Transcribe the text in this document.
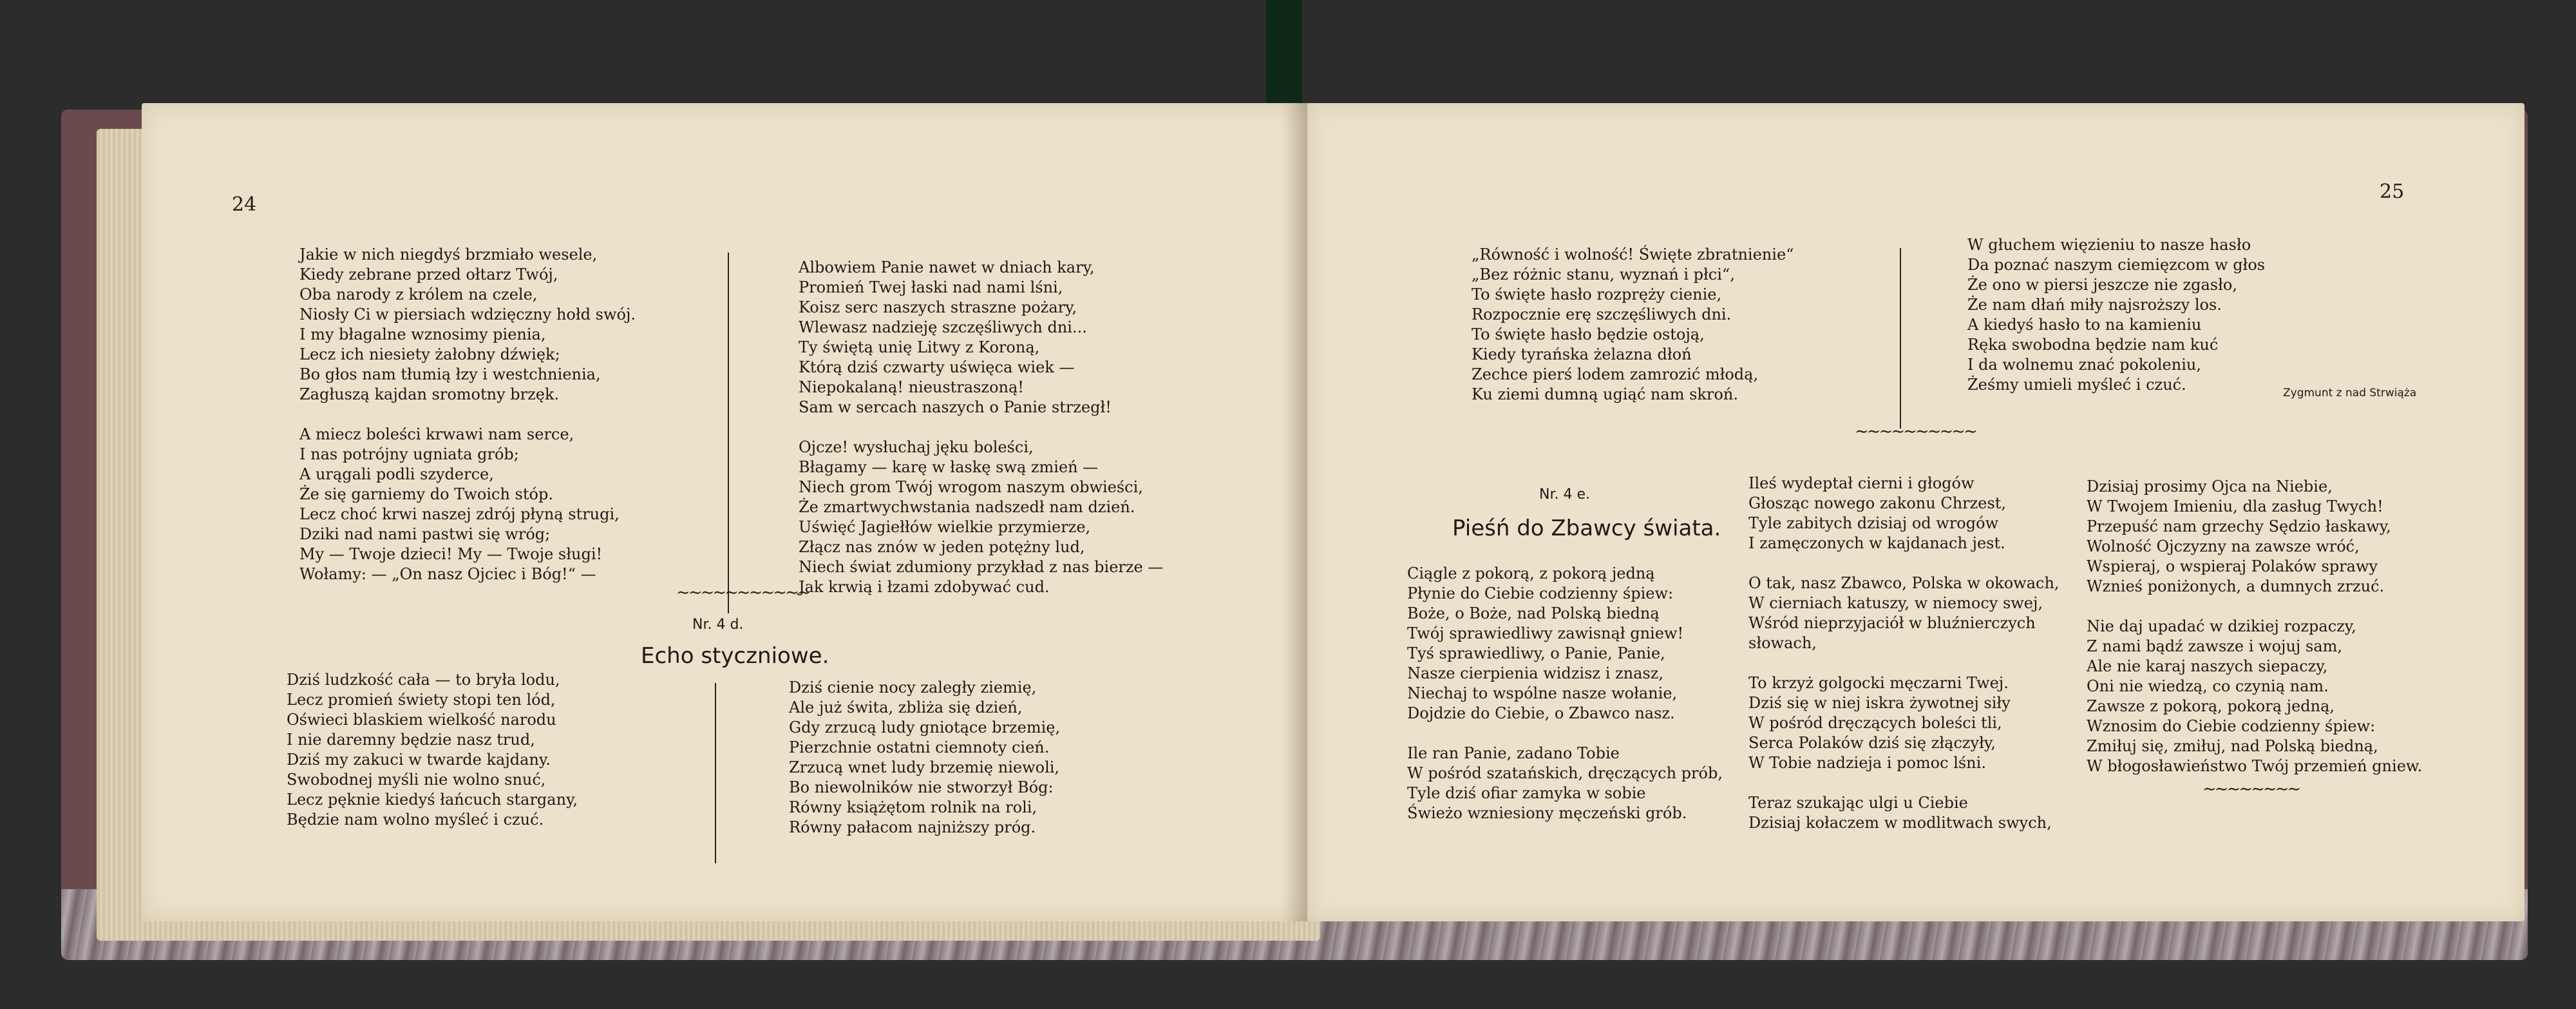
24
Jakie w nich niegdyś brzmiało wesele,
Kiedy zebrane przed ołtarz Twój,
Oba narody z królem na czele,
Niosły Ci w piersiach wdzięczny hołd swój.
I my błagalne wznosimy pienia,
Lecz ich niesiety żałobny dźwięk;
Bo głos nam tłumią łzy i westchnienia,
Zagłuszą kajdan sromotny brzęk.
A miecz boleści krwawi nam serce,
I nas potrójny ugniata grób;
A urągali podli szyderce,
Że się garniemy do Twoich stóp.
Lecz choć krwi naszej zdrój płyną strugi,
Dziki nad nami pastwi się wróg;
My — Twoje dzieci! My — Twoje sługi!
Wołamy: — „On nasz Ojciec i Bóg!“ —
Albowiem Panie nawet w dniach kary,
Promień Twej łaski nad nami lśni,
Koisz serc naszych straszne pożary,
Wlewasz nadzieję szczęśliwych dni...
Ty świętą unię Litwy z Koroną,
Którą dziś czwarty uświęca wiek —
Niepokalaną! nieustraszoną!
Sam w sercach naszych o Panie strzegł!
Ojcze! wysłuchaj jęku boleści,
Błagamy — karę w łaskę swą zmień —
Niech grom Twój wrogom naszym obwieści,
Że zmartwychwstania nadszedł nam dzień.
Uświęć Jagiełłów wielkie przymierze,
Złącz nas znów w jeden potężny lud,
Niech świat zdumiony przykład z nas bierze —
Jak krwią i łzami zdobywać cud.
∼∼∼∼∼∼∼∼∼∼∼
Nr. 4 d.
Echo styczniowe.
Dziś ludzkość cała — to bryła lodu,
Lecz promień świety stopi ten lód,
Oświeci blaskiem wielkość narodu
I nie daremny będzie nasz trud,
Dziś my zakuci w twarde kajdany.
Swobodnej myśli nie wolno snuć,
Lecz pęknie kiedyś łańcuch stargany,
Będzie nam wolno myśleć i czuć.
Dziś cienie nocy zaległy ziemię,
Ale już świta, zbliża się dzień,
Gdy zrzucą ludy gniotące brzemię,
Pierzchnie ostatni ciemnoty cień.
Zrzucą wnet ludy brzemię niewoli,
Bo niewolników nie stworzył Bóg:
Równy książętom rolnik na roli,
Równy pałacom najniższy próg.
25
„Równość i wolność! Święte zbratnienie“
„Bez różnic stanu, wyznań i płci“,
To święte hasło rozpręży cienie,
Rozpocznie erę szczęśliwych dni.
To święte hasło będzie ostoją,
Kiedy tyrańska żelazna dłoń
Zechce pierś lodem zamrozić młodą,
Ku ziemi dumną ugiąć nam skroń.
W głuchem więzieniu to nasze hasło
Da poznać naszym ciemięzcom w głos
Że ono w piersi jeszcze nie zgasło,
Że nam dłań miły najsroższy los.
A kiedyś hasło to na kamieniu
Ręka swobodna będzie nam kuć
I da wolnemu znać pokoleniu,
Żeśmy umieli myśleć i czuć.	Zygmunt z nad Strwiąża
∼∼∼∼∼∼∼∼∼∼
Nr. 4 e.
Pieśń do Zbawcy świata.
Ciągle z pokorą, z pokorą jedną
Płynie do Ciebie codzienny śpiew:
Boże, o Boże, nad Polską biedną
Twój sprawiedliwy zawisnął gniew!
Tyś sprawiedliwy, o Panie, Panie,
Nasze cierpienia widzisz i znasz,
Niechaj to wspólne nasze wołanie,
Dojdzie do Ciebie, o Zbawco nasz.
Ile ran Panie, zadano Tobie
W pośród szatańskich, dręczących prób,
Tyle dziś ofiar zamyka w sobie
Świeżo wzniesiony męczeński grób.
Ileś wydeptał cierni i głogów
Głosząc nowego zakonu Chrzest,
Tyle zabitych dzisiaj od wrogów
I zamęczonych w kajdanach jest.
O tak, nasz Zbawco, Polska w okowach,
W cierniach katuszy, w niemocy swej,
Wśród nieprzyjaciół w bluźnierczych
słowach,
To krzyż golgocki męczarni Twej.
Dziś się w niej iskra żywotnej siły
W pośród dręczących boleści tli,
Serca Polaków dziś się złączyły,
W Tobie nadzieja i pomoc lśni.
Teraz szukając ulgi u Ciebie
Dzisiaj kołaczem w modlitwach swych,
Dzisiaj prosimy Ojca na Niebie,
W Twojem Imieniu, dla zasług Twych!
Przepuść nam grzechy Sędzio łaskawy,
Wolność Ojczyzny na zawsze wróć,
Wspieraj, o wspieraj Polaków sprawy
Wznieś poniżonych, a dumnych zrzuć.
Nie daj upadać w dzikiej rozpaczy,
Z nami bądź zawsze i wojuj sam,
Ale nie karaj naszych siepaczy,
Oni nie wiedzą, co czynią nam.
Zawsze z pokorą, pokorą jedną,
Wznosim do Ciebie codzienny śpiew:
Zmiłuj się, zmiłuj, nad Polską biedną,
W błogosławieństwo Twój przemień gniew.
∼∼∼∼∼∼∼∼
